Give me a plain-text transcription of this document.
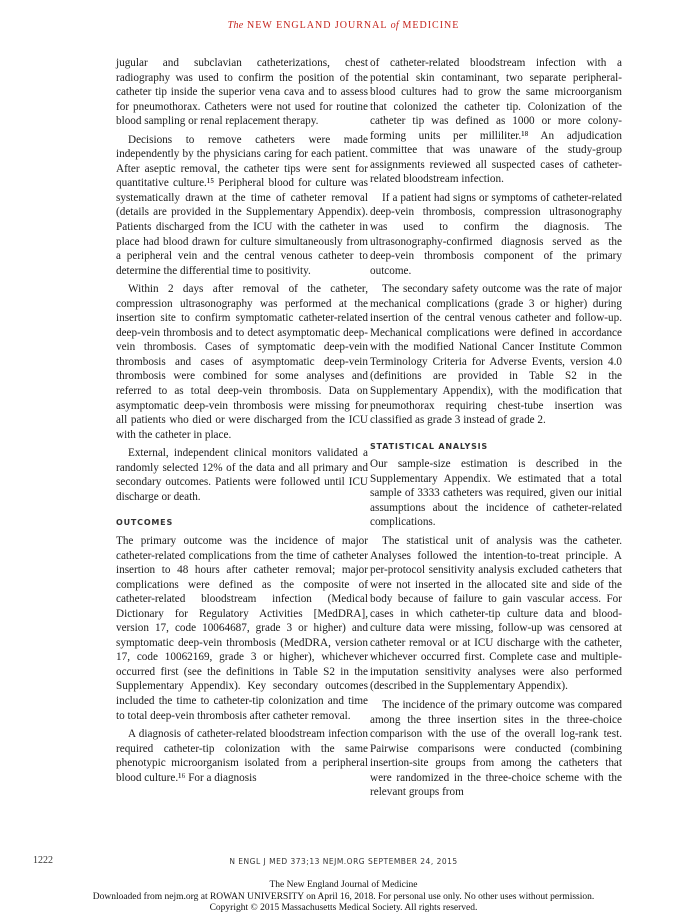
The NEW ENGLAND JOURNAL of MEDICINE

jugular and subclavian catheterizations, chest radiography was used to confirm the position of the catheter tip inside the superior vena cava and to assess for pneumothorax. Catheters were not used for routine blood sampling or renal replacement therapy.

Decisions to remove catheters were made independently by the physicians caring for each patient. After aseptic removal, the catheter tips were sent for quantitative culture.¹⁵ Peripheral blood for culture was systematically drawn at the time of catheter removal (details are provided in the Supplementary Appendix). Patients discharged from the ICU with the catheter in place had blood drawn for culture simultaneously from a peripheral vein and the central venous catheter to determine the differential time to positivity.

Within 2 days after removal of the catheter, compression ultrasonography was performed at the insertion site to confirm symptomatic catheter-related deep-vein thrombosis and to detect asymptomatic deep-vein thrombosis. Cases of symptomatic deep-vein thrombosis and cases of asymptomatic deep-vein thrombosis were combined for some analyses and referred to as total deep-vein thrombosis. Data on asymptomatic deep-vein thrombosis were missing for all patients who died or were discharged from the ICU with the catheter in place.

External, independent clinical monitors validated a randomly selected 12% of the data and all primary and secondary outcomes. Patients were followed until ICU discharge or death.

OUTCOMES

The primary outcome was the incidence of major catheter-related complications from the time of catheter insertion to 48 hours after catheter removal; major complications were defined as the composite of catheter-related bloodstream infection (Medical Dictionary for Regulatory Activities [MedDRA], version 17, code 10064687, grade 3 or higher) and symptomatic deep-vein thrombosis (MedDRA, version 17, code 10062169, grade 3 or higher), whichever occurred first (see the definitions in Table S2 in the Supplementary Appendix). Key secondary outcomes included the time to catheter-tip colonization and time to total deep-vein thrombosis after catheter removal.

A diagnosis of catheter-related bloodstream infection required catheter-tip colonization with the same phenotypic microorganism isolated from a peripheral blood culture.¹⁶ For a diagnosis

of catheter-related bloodstream infection with a potential skin contaminant, two separate peripheral-blood cultures had to grow the same microorganism that colonized the catheter tip. Colonization of the catheter tip was defined as 1000 or more colony-forming units per milliliter.¹⁸ An adjudication committee that was unaware of the study-group assignments reviewed all suspected cases of catheter-related bloodstream infection.

If a patient had signs or symptoms of catheter-related deep-vein thrombosis, compression ultrasonography was used to confirm the diagnosis. The ultrasonography-confirmed diagnosis served as the deep-vein thrombosis component of the primary outcome.

The secondary safety outcome was the rate of major mechanical complications (grade 3 or higher) during insertion of the central venous catheter and follow-up. Mechanical complications were defined in accordance with the modified National Cancer Institute Common Terminology Criteria for Adverse Events, version 4.0 (definitions are provided in Table S2 in the Supplementary Appendix), with the modification that pneumothorax requiring chest-tube insertion was classified as grade 3 instead of grade 2.

STATISTICAL ANALYSIS

Our sample-size estimation is described in the Supplementary Appendix. We estimated that a total sample of 3333 catheters was required, given our initial assumptions about the incidence of catheter-related complications.

The statistical unit of analysis was the catheter. Analyses followed the intention-to-treat principle. A per-protocol sensitivity analysis excluded catheters that were not inserted in the allocated site and side of the body because of failure to gain vascular access. For cases in which catheter-tip culture data and blood-culture data were missing, follow-up was censored at catheter removal or at ICU discharge with the catheter, whichever occurred first. Complete case and multiple-imputation sensitivity analyses were also performed (described in the Supplementary Appendix).

The incidence of the primary outcome was compared among the three insertion sites in the three-choice comparison with the use of the overall log-rank test. Pairwise comparisons were conducted (combining insertion-site groups from among the catheters that were randomized in the three-choice scheme with the relevant groups from

1222	N ENGL J MED 373;13 NEJM.ORG SEPTEMBER 24, 2015
The New England Journal of Medicine
Downloaded from nejm.org at ROWAN UNIVERSITY on April 16, 2018. For personal use only. No other uses without permission.
Copyright © 2015 Massachusetts Medical Society. All rights reserved.
